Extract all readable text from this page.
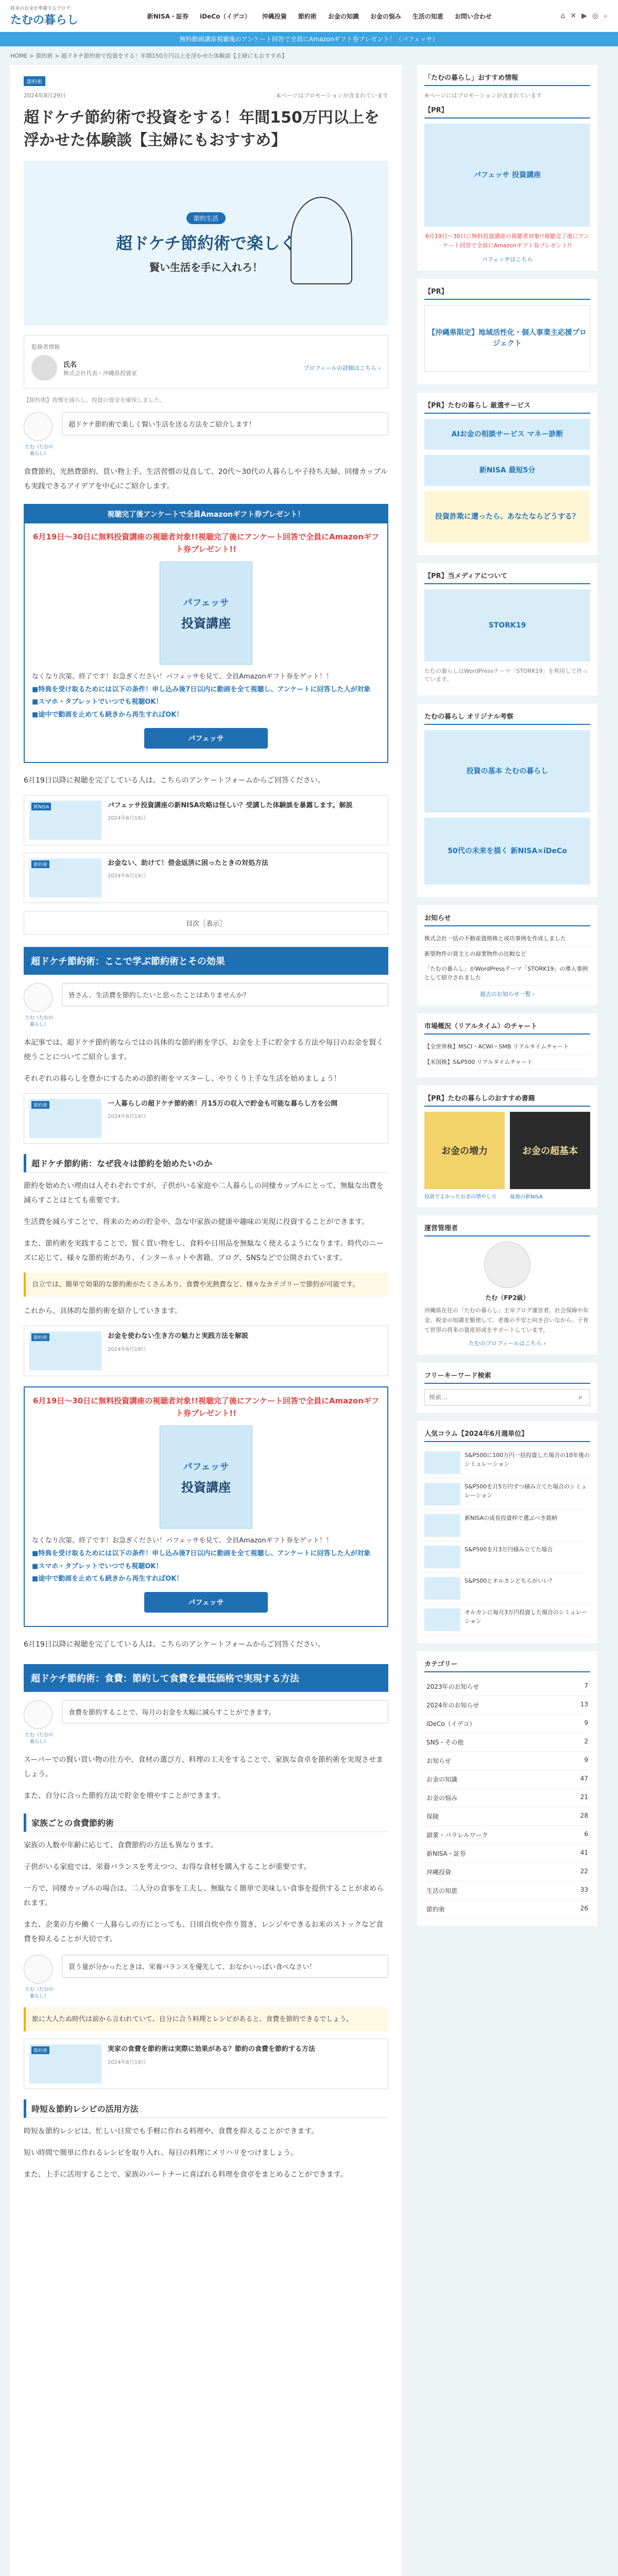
将来のお金を準備するブログ
たむの暮らし	新NISA・証券 iDeCo（イデコ） 沖縄投資 節約術 お金の知識 お金の悩み 生活の知恵 お問い合わせ	⌂ ✕ ▶ ◎ ⌕
無料動画講座視聴後のアンケート回答で全員にAmazonギフト券プレゼント！（パフェッサ）
HOME > 節約術 > 超ドキチ節約術で投資をする！年間150万円以上を浮かせた体験談【主婦にもおすすめ】
節約術
2024年8月29日	本ページはプロモーションが含まれています
超ドケチ節約術で投資をする！年間150万円以上を浮かせた体験談【主婦にもおすすめ】
節約生活
超ドケチ節約術で楽しく
賢い生活を手に入れろ！
監修者情報
氏名
株式会社代表・沖縄県投資家
プロフィールの詳細はこちら ›
【節約術】我慢を減らし、投資の資金を確保しました。
たむ（たむの暮らし）
超ドケチ節約術で楽しく賢い生活を送る方法をご紹介します！

食費節約、光熱費節約、買い物上手、生活習慣の見直して、20代〜30代の人暮らしや子持ち夫婦、同棲カップルも実践できるアイデアを中心にご紹介します。

視聴完了後アンケートで全員Amazonギフト券プレゼント！
6月19日〜30日に無料投資講座の視聴者対象!!視聴完了後にアンケート回答で全員にAmazonギフト券プレゼント!!
パフェッサ
投資講座
なくなり次第、終了です！お急ぎください！パフェッサを見て、全員Amazonギフト券をゲット！！
■特典を受け取るためには以下の条件！申し込み後7日以内に動画を全て視聴し、アンケートに回答した人が対象
■スマホ・タブレットでいつでも視聴OK！
■途中で動画を止めても続きから再生すればOK！
パフェッサ

6月19日以降に視聴を完了している人は、こちらのアンケートフォームからご回答ください。

新NISA	パフェッサ投資講座の新NISA攻略は怪しい？受講した体験談を暴露します。解説
2024年6月19日
節約術	お金ない、助けて！借金返済に困ったときの対処方法
2024年6月19日
目次［表示］
超ドケチ節約術：ここで学ぶ節約術とその効果
たむ（たむの暮らし）
皆さん、生活費を節約したいと思ったことはありませんか？

本記事では、超ドケチ節約術ならではの具体的な節約術を学び、お金を上手に貯金する方法や毎日のお金を賢く使うことについてご紹介します。

それぞれの暮らしを豊かにするための節約術をマスターし、やりくり上手な生活を始めましょう！

節約術	一人暮らしの超ドケチ節約術！月15万の収入で貯金も可能な暮らし方を公開
2024年6月19日
超ドケチ節約術：なぜ我々は節約を始めたいのか

節約を始めたい理由は人それぞれですが、子供がいる家庭や二人暮らしの同棲カップルにとって、無駄な出費を減らすことはとても重要です。

生活費を減らすことで、将来のための貯金や、急な中家族の健康や趣味の実現に投資することができます。

また、節約術を実践することで、賢く買い物をし、食料や日用品を無駄なく使えるようになります。時代のニーズに応じて、様々な節約術があり、インターネットや書籍、ブログ、SNSなどで公開されています。

自立では、簡単で効果的な節約術がたくさんあり、食費や光熱費など、様々なカテゴリーで節約が可能です。

これから、具体的な節約術を紹介していきます。

節約術	お金を使わない生き方の魅力と実践方法を解説
2024年6月19日
6月19日〜30日に無料投資講座の視聴者対象!!視聴完了後にアンケート回答で全員にAmazonギフト券プレゼント!!
パフェッサ
投資講座
なくなり次第、終了です！お急ぎください！パフェッサを見て、全員Amazonギフト券をゲット！！
■特典を受け取るためには以下の条件！申し込み後7日以内に動画を全て視聴し、アンケートに回答した人が対象
■スマホ・タブレットでいつでも視聴OK！
■途中で動画を止めても続きから再生すればOK！
パフェッサ

6月19日以降に視聴を完了している人は、こちらのアンケートフォームからご回答ください。

超ドケチ節約術：食費：節約して食費を最低価格で実現する方法
たむ（たむの暮らし）
食費を節約することで、毎月のお金を大幅に減らすことができます。

スーパーでの賢い買い物の仕方や、食材の選び方、料理の工夫をすることで、家族な食卓を節約術を実現させましょう。

また、自分に合った節約方法で貯金を増やすことができます。

家族ごとの食費節約術

家族の人数や年齢に応じて、食費節約の方法も異なります。

子供がいる家庭では、栄養バランスを考えつつ、お得な食材を購入することが重要です。

一方で、同棲カップルの場合は、二人分の食事を工夫し、無駄なく簡単で美味しい食事を提供することが求められます。

また、企業の方や働く一人暮らしの方にとっても、日頃自炊や作り置き、レンジやできるお米のストックなど食費を抑えることが大切です。

たむ（たむの暮らし）
買う量が分かったときは、栄養バランスを優先して、おなかいっぱい食べなさい！
旅に大人たぬ時代は前から言われていて、自分に合う料理とレシピがあると、食費を節約できるでしょう。
節約術	実家の食費を節約術は実際に効果がある？節約の食費を節約する方法
2024年6月19日
時短＆節約レシピの活用方法

時短＆節約レシピは、忙しい日常でも手軽に作れる料理や、食費を抑えることができます。

短い時間で簡単に作れるレシピを取り入れ、毎日の料理にメリハリをつけましょう。

また、上手に活用することで、家族のパートナーに喜ばれる料理を食卓をまとめることができます。

「たむの暮らし」おすすめ情報
※ページにはプロモーションが含まれています
【PR】
パフェッサ 投資講座
6月19日〜30日に無料投資講座の視聴者対象!!視聴完了後にアンケート回答で全員にAmazonギフト券プレゼント!!
パフェッサはこちら
【PR】
【沖縄県限定】地域活性化・個人事業主応援プロジェクト
【PR】たむの暮らし 厳選サービス
AIお金の相談サービス マネー診断
新NISA 最短5分
投資詐欺に遭ったら、あなたならどうする？
【PR】当メディアについて
STORK19
たむの暮らしはWordPressテーマ「STORK19」を利用して作っています。
たむの暮らし オリジナル考察
投資の基本 たむの暮らし
50代の未来を描く 新NISA×iDeCo
お知らせ
株式会社一括の不動産資格株と成功事例を作成しました
新築物件の買主との商業物件の比較など
「たむの暮らし」がWordPressテーマ「STORK19」の導入事例として紹介されました
過去のお知らせ一覧 ›
市場概況（リアルタイム）のチャート
【全世界株】MSCI・ACWI・SMB リアルタイムチャート
【米国株】S&P500 リアルタイムチャート
【PR】たむの暮らしのおすすめ書籍
お金の増力	お金の超基本
投資でよかったお金の増やし方	最強の新NISA
運営管理者
たむ（FP2級）
沖縄県在住の「たむの暮らし」主宰ブログ運営者。社会保障や年金、税金の知識を駆使して、老後の不安と向き合いながら、子育て世帯の将来の資産形成をサポートしています。
たむのプロフィールはこちら ›
フリーキーワード検索
検索…
⌕
人気コラム【2024年6月週単位】
S&P500に100万円一括投資した場合の10年後のシミュレーション
S&P500を月5万円ずつ積み立てた場合のシミュレーション
新NISAの成長投資枠で選ぶべき銘柄
S&P500を月3万円積み立てた場合
S&P500とオルカンどちらがいい？
オルカンに毎月3万円投資した場合のシミュレーション
カテゴリー
2023年のお知らせ	7
2024年のお知らせ	13
iDeCo（イデコ）	9
SNS・その他	2
お知らせ	9
お金の知識	47
お金の悩み	21
保険	28
副業・パラレルワーク	6
新NISA・証券	41
沖縄投資	22
生活の知恵	33
節約術	26
